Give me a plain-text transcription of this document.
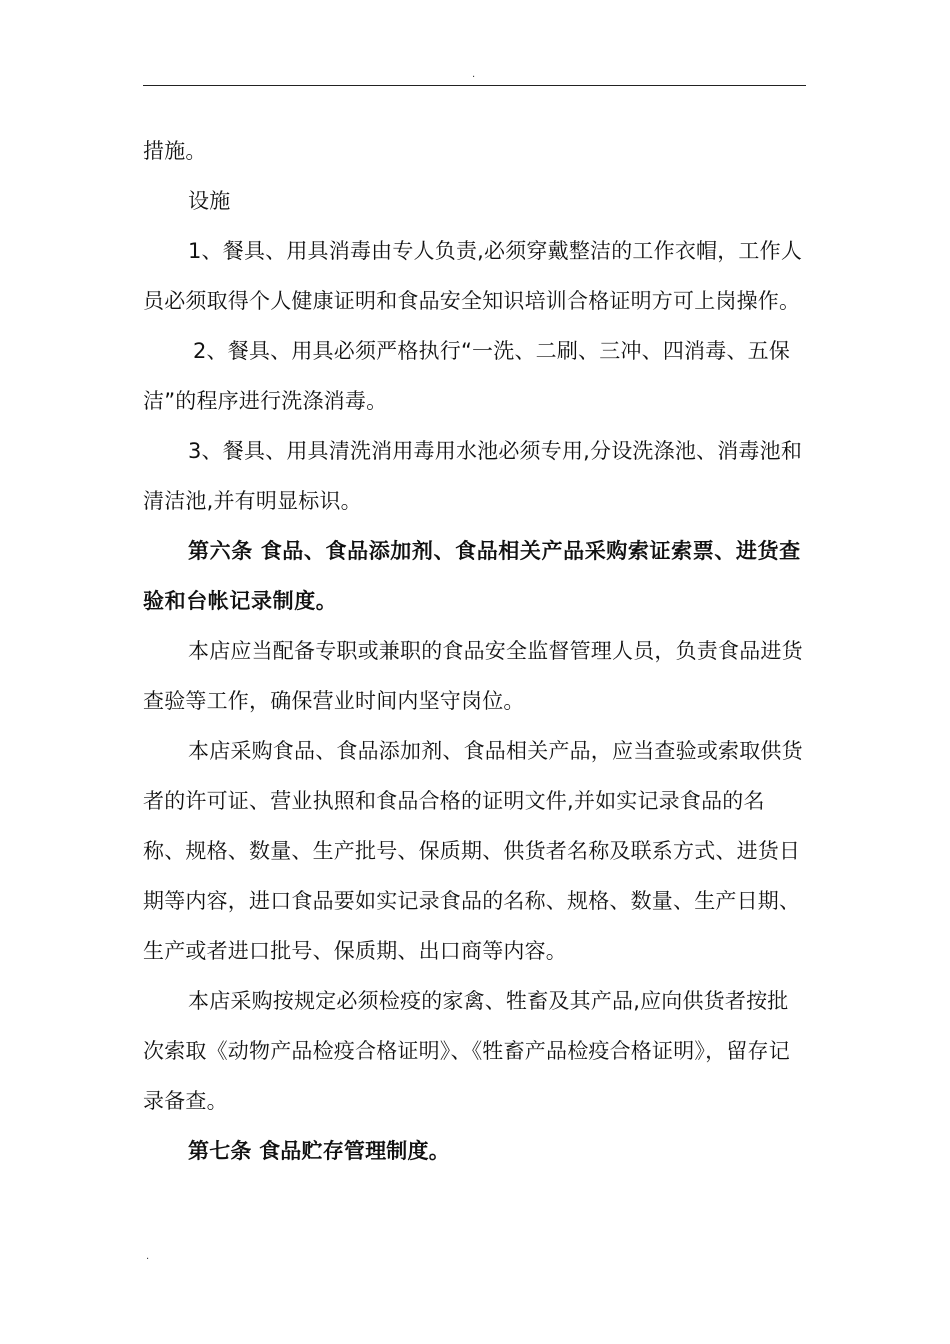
.

措施。

设施

1、餐具、用具消毒由专人负责,必须穿戴整洁的工作衣帽，工作人员必须取得个人健康证明和食品安全知识培训合格证明方可上岗操作。

2、餐具、用具必须严格执行“一洗、二刷、三冲、四消毒、五保洁”的程序进行洗涤消毒。

3、餐具、用具清洗消用毒用水池必须专用,分设洗涤池、消毒池和清洁池,并有明显标识。

第六条 食品、食品添加剂、食品相关产品采购索证索票、进货查验和台帐记录制度。

本店应当配备专职或兼职的食品安全监督管理人员，负责食品进货查验等工作，确保营业时间内坚守岗位。

本店采购食品、食品添加剂、食品相关产品，应当查验或索取供货者的许可证、营业执照和食品合格的证明文件,并如实记录食品的名称、规格、数量、生产批号、保质期、供货者名称及联系方式、进货日期等内容，进口食品要如实记录食品的名称、规格、数量、生产日期、生产或者进口批号、保质期、出口商等内容。

本店采购按规定必须检疫的家禽、牲畜及其产品,应向供货者按批次索取《动物产品检疫合格证明》、《牲畜产品检疫合格证明》，留存记录备查。

第七条 食品贮存管理制度。

.
